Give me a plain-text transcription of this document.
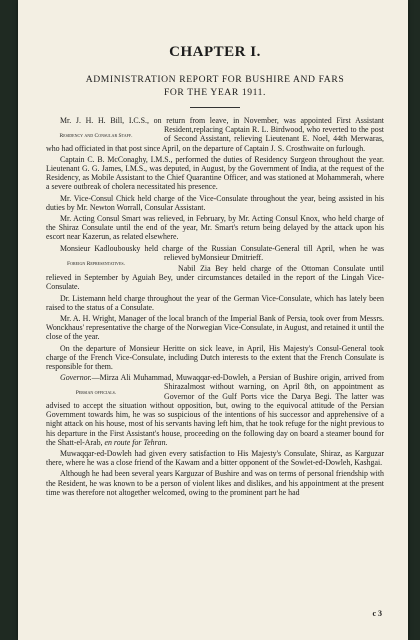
CHAPTER I.
ADMINISTRATION REPORT FOR BUSHIRE AND FARS
FOR THE YEAR 1911.

Mr. J. H. H. Bill, I.C.S., on return from leave, in November, was appointed First Assistant Resident,
Residency and Consular Staff.
replacing Captain R. L. Birdwood, who reverted to the post of Second Assistant, relieving Lieutenant E. Noel, 44th Merwaras, who had officiated in that post since April, on the departure of Captain J. S. Crosthwaite on furlough.

Captain C. B. McConaghy, I.M.S., performed the duties of Residency Surgeon throughout the year. Lieutenant G. G. James, I.M.S., was deputed, in August, by the Government of India, at the request of the Residency, as Mobile Assistant to the Chief Quarantine Officer, and was stationed at Mohammerah, where a severe outbreak of cholera necessitated his presence.

Mr. Vice-Consul Chick held charge of the Vice-Consulate throughout the year, being assisted in his duties by Mr. Newton Worrall, Consular Assistant.

Mr. Acting Consul Smart was relieved, in February, by Mr. Acting Consul Knox, who held charge of the Shiraz Consulate until the end of the year, Mr. Smart's return being delayed by the attack upon his escort near Kazerun, as related elsewhere.

Monsieur Kadloubousky held charge of the Russian Consulate-General till April, when he was relieved by
Foreign Representatives.
Monsieur Dmitrieff.

Nabil Zia Bey held charge of the Ottoman Consulate until relieved in September by Aguiah Bey, under circumstances detailed in the report of the Lingah Vice-Consulate.

Dr. Listemann held charge throughout the year of the German Vice-Consulate, which has lately been raised to the status of a Consulate.

Mr. A. H. Wright, Manager of the local branch of the Imperial Bank of Persia, took over from Messrs. Wonckhaus' representative the charge of the Norwegian Vice-Consulate, in August, and retained it until the close of the year.

On the departure of Monsieur Heritte on sick leave, in April, His Majesty's Consul-General took charge of the French Vice-Consulate, including Dutch interests to the extent that the French Consulate is responsible for them.

Governor.—Mirza Ali Muhammad, Muwaqqar-ed-Dowleh, a Persian of Bushire origin, arrived from Shiraz
Persian officials.
almost without warning, on April 8th, on appointment as Governor of the Gulf Ports vice the Darya Begi. The latter was advised to accept the situation without opposition, but, owing to the equivocal attitude of the Persian Government towards him, he was so suspicious of the intentions of his successor and apprehensive of a night attack on his house, most of his servants having left him, that he took refuge for the night previous to his departure in the First Assistant's house, proceeding on the following day on board a steamer bound for the Shatt-el-Arab, en route for Tehran.

Muwaqqar-ed-Dowleh had given every satisfaction to His Majesty's Consulate, Shiraz, as Karguzar there, where he was a close friend of the Kawam and a bitter opponent of the Sowlet-ed-Dowleh, Kashgai.

Although he had been several years Karguzar of Bushire and was on terms of personal friendship with the Resident, he was known to be a person of violent likes and dislikes, and his appointment at the present time was therefore not altogether welcomed, owing to the prominent part he had

c 3
